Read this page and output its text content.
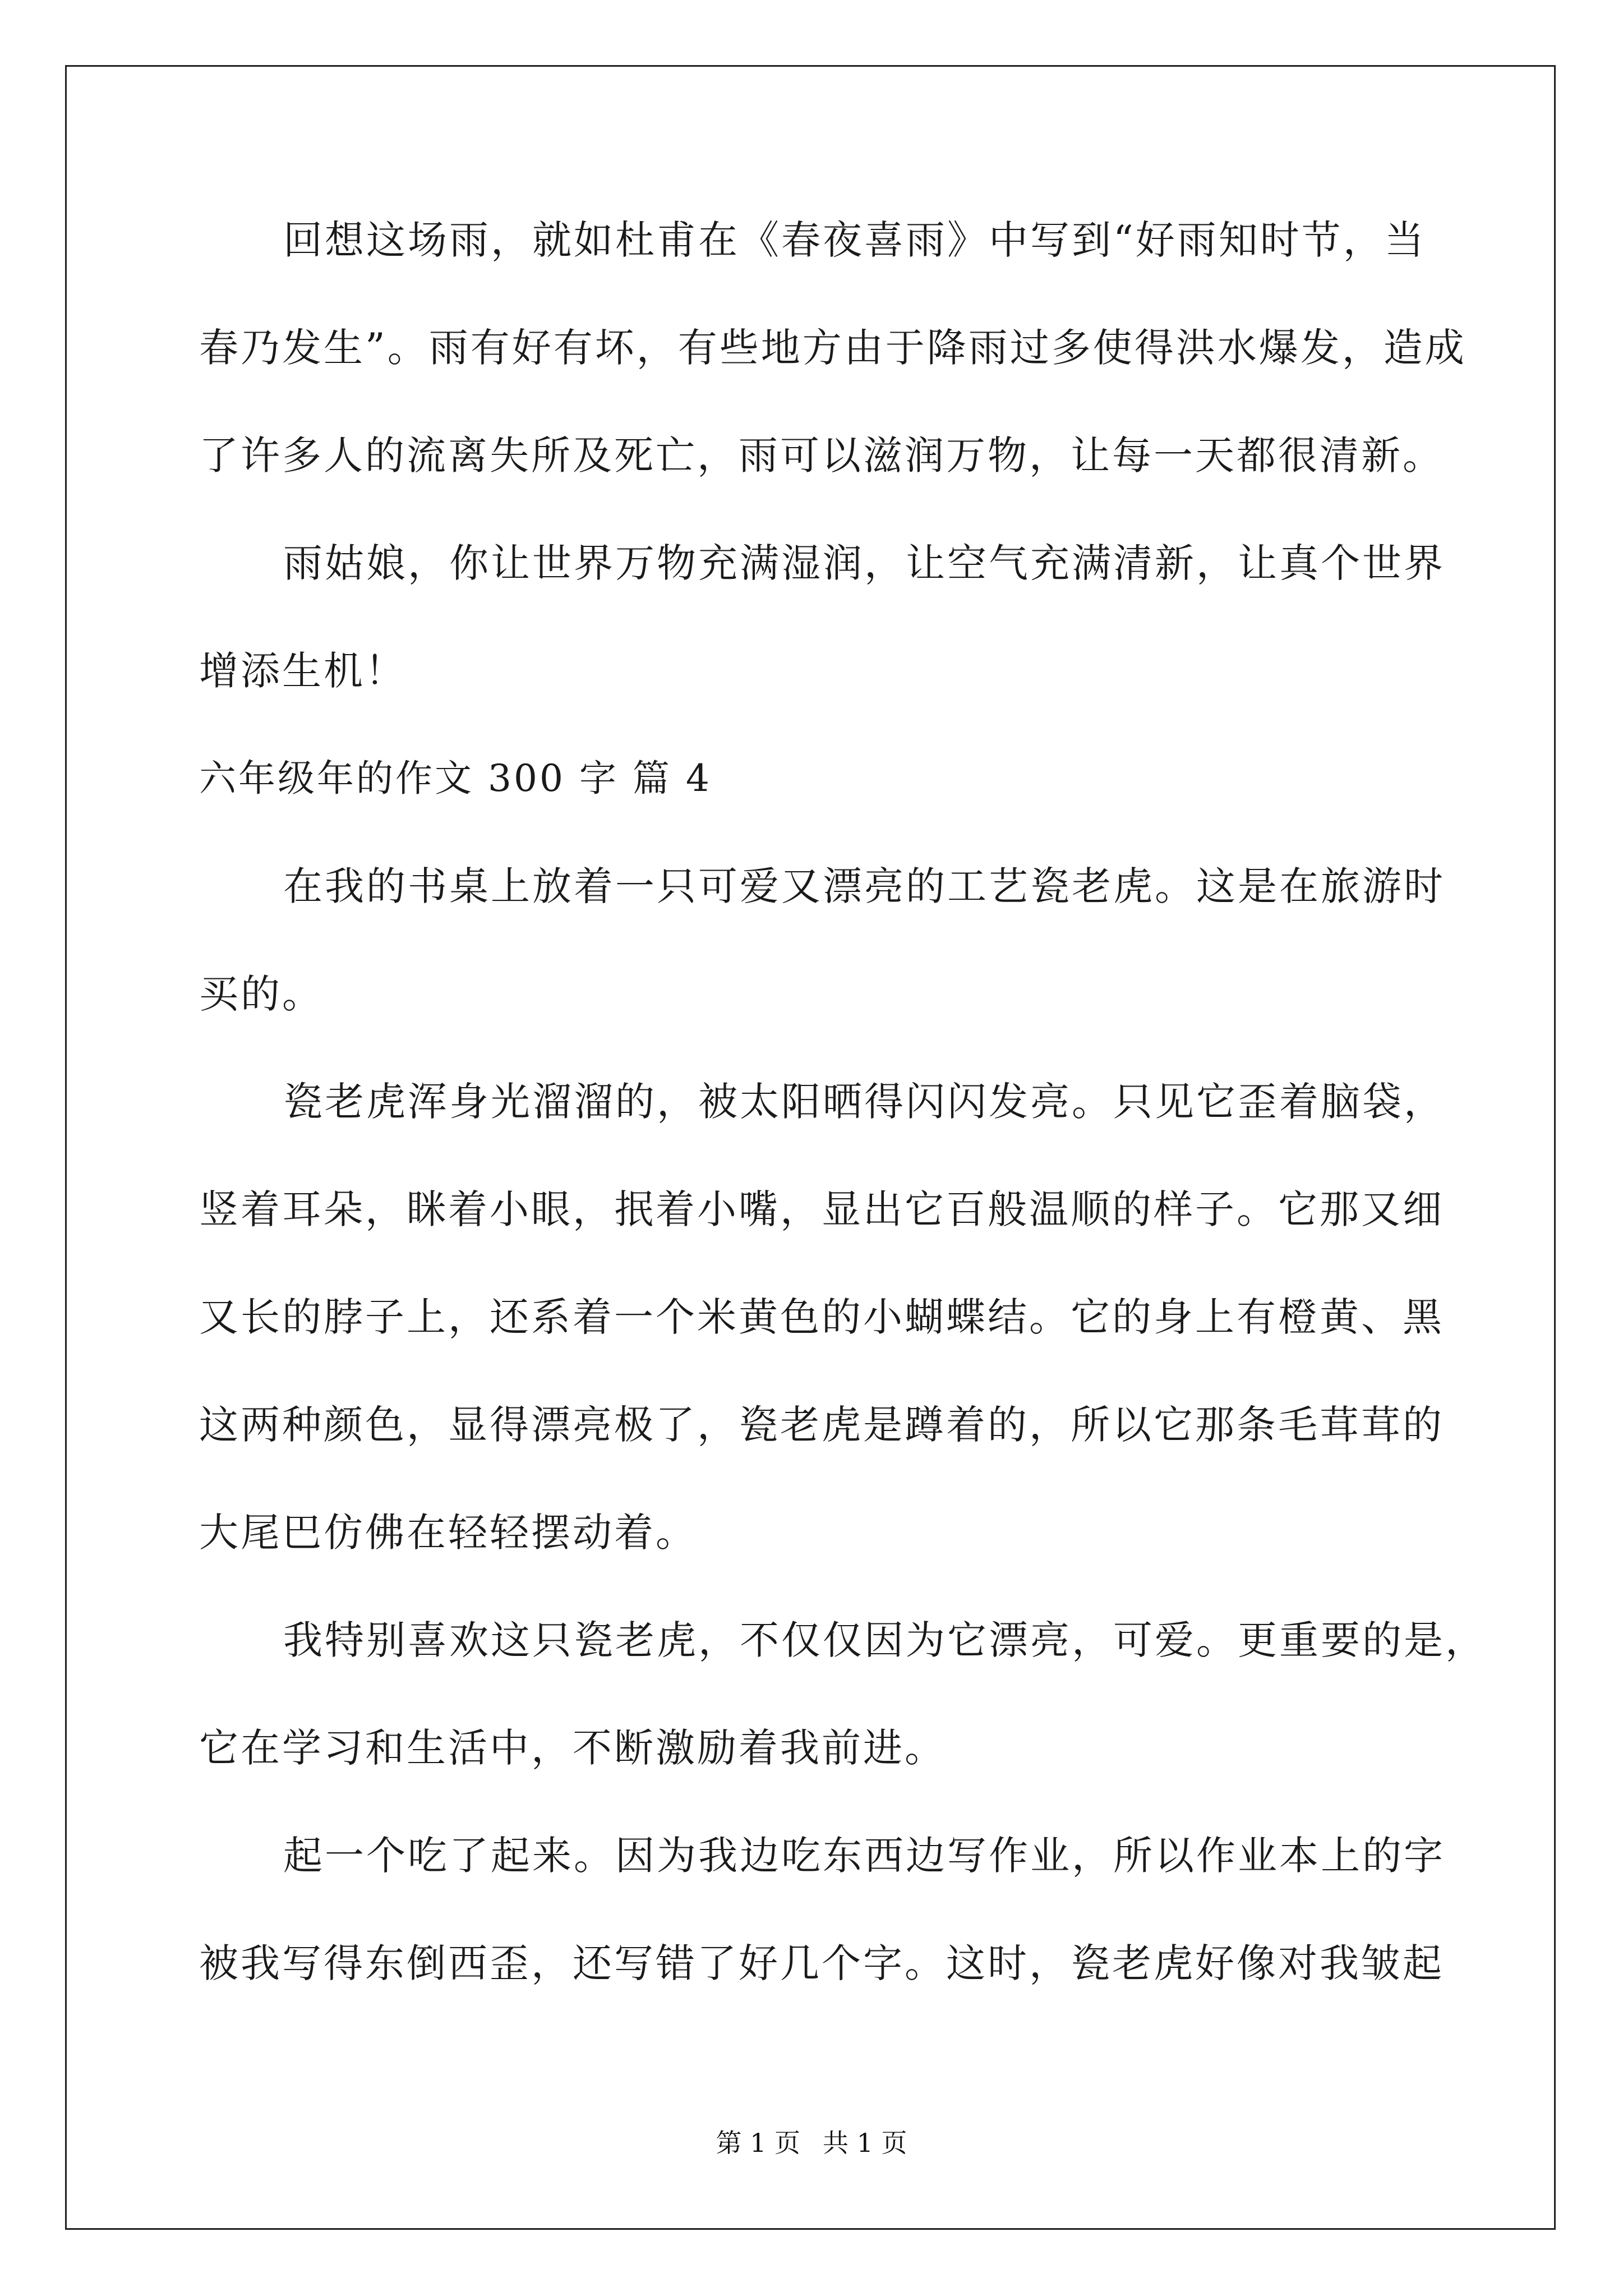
回想这场雨，就如杜甫在《春夜喜雨》中写到“好雨知时节，当
春乃发生”。雨有好有坏，有些地方由于降雨过多使得洪水爆发，造成
了许多人的流离失所及死亡，雨可以滋润万物，让每一天都很清新。
雨姑娘，你让世界万物充满湿润，让空气充满清新，让真个世界
增添生机！
六年级年的作文 300 字 篇 4
在我的书桌上放着一只可爱又漂亮的工艺瓷老虎。这是在旅游时
买的。
瓷老虎浑身光溜溜的，被太阳晒得闪闪发亮。只见它歪着脑袋，
竖着耳朵，眯着小眼，抿着小嘴，显出它百般温顺的样子。它那又细
又长的脖子上，还系着一个米黄色的小蝴蝶结。它的身上有橙黄、黑
这两种颜色，显得漂亮极了，瓷老虎是蹲着的，所以它那条毛茸茸的
大尾巴仿佛在轻轻摆动着。
我特别喜欢这只瓷老虎，不仅仅因为它漂亮，可爱。更重要的是，
它在学习和生活中，不断激励着我前进。
起一个吃了起来。因为我边吃东西边写作业，所以作业本上的字
被我写得东倒西歪，还写错了好几个字。这时，瓷老虎好像对我皱起
第 1 页 共 1 页
